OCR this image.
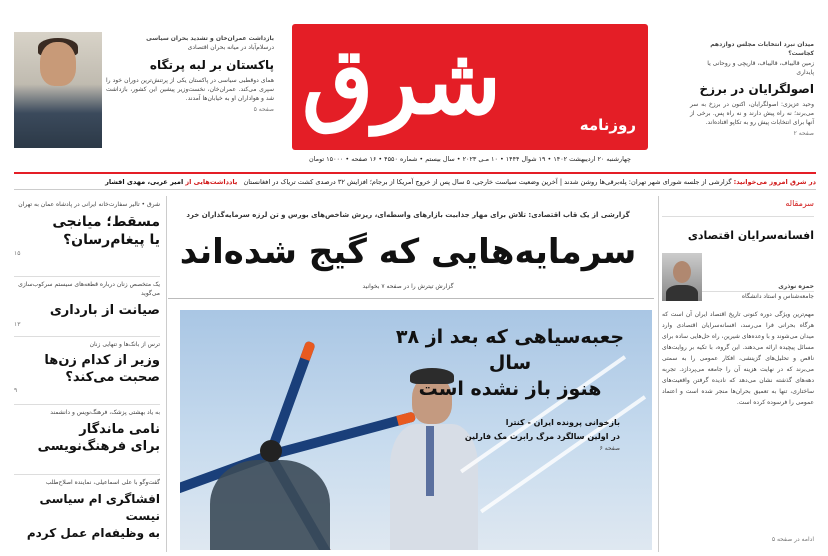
میدان نبرد انتخابات مجلس دوازدهم کجاست؟
زمین قالیباف، قالیباف، قاریچی و روحانی یا پایداری
اصولگرایان در برزخ
وحید عزیزی: اصولگرایان، اکنون در برزخ به سر می‌برند؛ نه راه پیش دارند و نه راه پس. برخی از آنها برای انتخابات پیش رو به تکاپو افتاده‌اند.
صفحه ۲
شرق	روزنامه
چهارشنبه ۲۰ اردیبهشت ۱۴۰۲ • ۱۹ شوال ۱۴۴۴ • ۱۰ مـی ۲۰۲۳ • سال بیستم • شماره ۴۵۵۰ • ۱۶ صفحه • ۱۵۰۰۰ تومان
بازداشت عمران‌خان و تشدید بحران سیاسی
درسلام‌آباد در میانه بحران اقتصادی
پاکستان بر لبه پرتگاه
همای دوقطبی سیاسی در پاکستان یکی از پرتنش‌ترین دوران خود را سپری می‌کند. عمران‌خان، نخست‌وزیر پیشین این کشور، بازداشت شد و هواداران او به خیابان‌ها آمدند.
صفحه ۵
در شرق امروز می‌خوانید: گزارشی از جلسه شورای شهر تهران: پله‌برقی‌ها روشن شدند | آخرین وضعیت سیاست خارجی، ۵ سال پس از خروج آمریکا از برجام؛ افزایش ۳۲ درصدی کشت تریاک در افغانستان یادداشت‌هایی از امیر عربی، مهدی افشار
سرمقاله
افسانه‌سرایان اقتصادی
حمزه نوذری
جامعه‌شناس و استاد دانشگاه
مهم‌ترین ویژگی دوره کنونی تاریخ اقتصاد ایران آن است که هرگاه بحرانی فرا می‌رسد، افسانه‌سرایان اقتصادی وارد میدان می‌شوند و با وعده‌های شیرین، راه حل‌هایی ساده برای مسائل پیچیده ارائه می‌دهند. این گروه، با تکیه بر روایت‌های ناقص و تحلیل‌های گزینشی، افکار عمومی را به سمتی می‌برند که در نهایت هزینه آن را جامعه می‌پردازد. تجربه دهه‌های گذشته نشان می‌دهد که نادیده گرفتن واقعیت‌های ساختاری، تنها به تعمیق بحران‌ها منجر شده است و اعتماد عمومی را فرسوده کرده است.
ادامه در صفحه ۵
گزارشی از یک قاب اقتصادی: تلاش برای مهار جذابیت بازارهای واسطه‌ای، ریزش شاخص‌های بورس و تن لرزه سرمایه‌گذاران خرد
سرمایه‌هایی که گیج شده‌اند
گزارش تیترش را در صفحه ۷ بخوانید
جعبه‌سیاهی که بعد از ۳۸ سال
هنوز باز نشده است
بازخوانی پرونده ایران - کنترا
در اولین سالگرد مرگ رابرت مک فارلین
صفحه ۶
شرق • تالیر سفارت‌خانه ایرانی در پادشاه عمان به تهران
مسقط؛ میانجی
یا پیغام‌رسان؟
۱۵
یک متخصص زنان درباره قطعه‌های سیستم سرکوب‌سازی می‌گوید
صیانت از بارداری
۱۳
ترس از بانک‌ها و تنهایی زنان
وزیر از کدام زن‌ها
صحبت می‌کند؟
۹
به یاد بهشتی پزشک، فرهنگ‌نویس و دانشمند
نامی ماندگار
برای فرهنگ‌نویسی
گفت‌وگو با علی اسماعیلی، نماینده اصلاح‌طلب
افشاگری ام سیاسی نیست
به وظیفه‌ام عمل کردم
